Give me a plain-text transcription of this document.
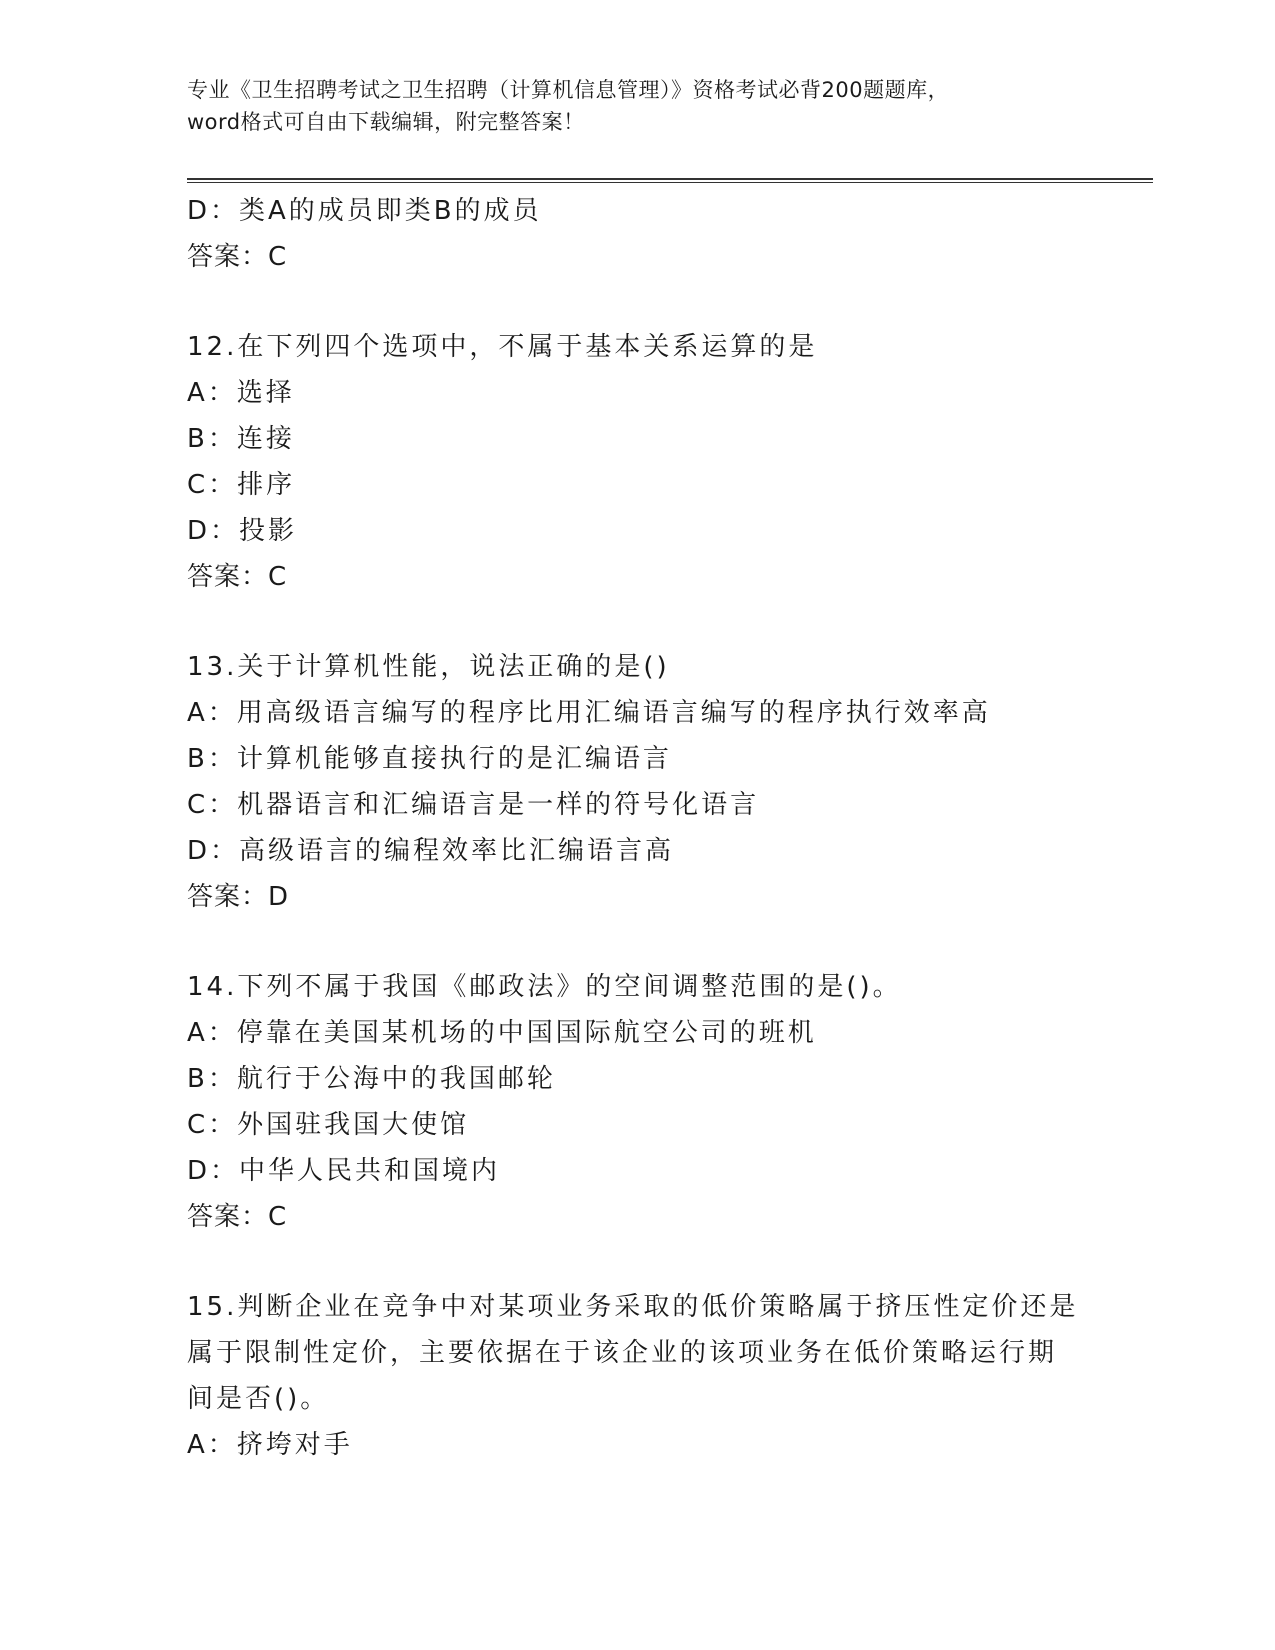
专业《卫生招聘考试之卫生招聘（计算机信息管理）》资格考试必背200题题库，
word格式可自由下载编辑，附完整答案！
D：类A的成员即类B的成员
答案：C
12.在下列四个选项中，不属于基本关系运算的是
A：选择
B：连接
C：排序
D：投影
答案：C
13.关于计算机性能，说法正确的是()
A：用高级语言编写的程序比用汇编语言编写的程序执行效率高
B：计算机能够直接执行的是汇编语言
C：机器语言和汇编语言是一样的符号化语言
D：高级语言的编程效率比汇编语言高
答案：D
14.下列不属于我国《邮政法》的空间调整范围的是()。
A：停靠在美国某机场的中国国际航空公司的班机
B：航行于公海中的我国邮轮
C：外国驻我国大使馆
D：中华人民共和国境内
答案：C
15.判断企业在竞争中对某项业务采取的低价策略属于挤压性定价还是
属于限制性定价，主要依据在于该企业的该项业务在低价策略运行期
间是否()。
A：挤垮对手
